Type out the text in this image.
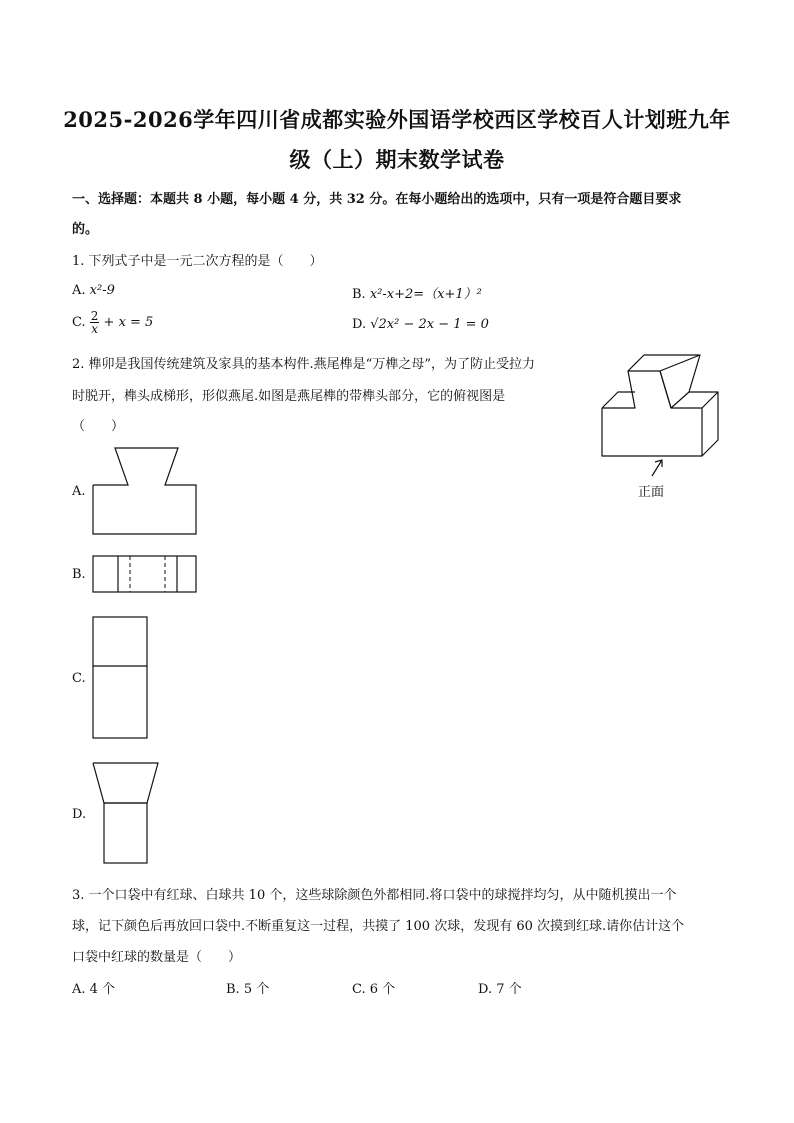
2025-2026学年四川省成都实验外国语学校西区学校百人计划班九年
级（上）期末数学试卷
一、选择题：本题共 8 小题，每小题 4 分，共 32 分。在每小题给出的选项中，只有一项是符合题目要求
的。
1. 下列式子中是一元二次方程的是（　　）
A. x²-9	B. x²-x+2=（x+1）²
C. $\frac{2}{x} + x = 5$	D. √2x² − 2x − 1 = 0
2. 榫卯是我国传统建筑及家具的基本构件.燕尾榫是“万榫之母”，为了防止受拉力
时脱开，榫头成梯形，形似燕尾.如图是燕尾榫的带榫头部分，它的俯视图是
（　　）
正面
A.
B.
C.
D.
3. 一个口袋中有红球、白球共 10 个，这些球除颜色外都相同.将口袋中的球搅拌均匀，从中随机摸出一个
球，记下颜色后再放回口袋中.不断重复这一过程，共摸了 100 次球，发现有 60 次摸到红球.请你估计这个
口袋中红球的数量是（　　）
A. 4 个	B. 5 个	C. 6 个	D. 7 个
